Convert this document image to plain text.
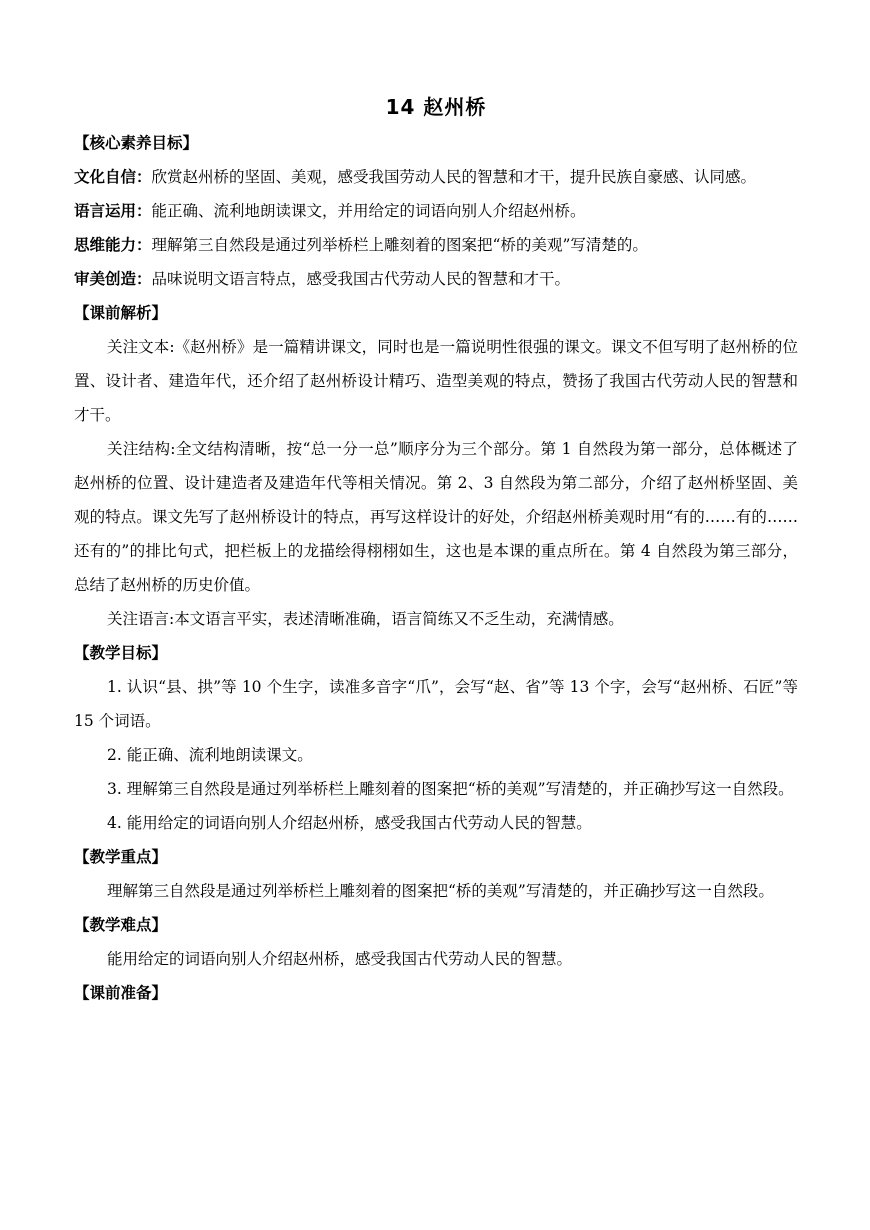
14 赵州桥
【核心素养目标】

文化自信：欣赏赵州桥的坚固、美观，感受我国劳动人民的智慧和才干，提升民族自豪感、认同感。

语言运用：能正确、流利地朗读课文，并用给定的词语向别人介绍赵州桥。

思维能力：理解第三自然段是通过列举桥栏上雕刻着的图案把“桥的美观”写清楚的。

审美创造：品味说明文语言特点，感受我国古代劳动人民的智慧和才干。

【课前解析】

关注文本:《赵州桥》是一篇精讲课文，同时也是一篇说明性很强的课文。课文不但写明了赵州桥的位置、设计者、建造年代，还介绍了赵州桥设计精巧、造型美观的特点，赞扬了我国古代劳动人民的智慧和才干。

关注结构:全文结构清晰，按“总一分一总”顺序分为三个部分。第 1 自然段为第一部分，总体概述了赵州桥的位置、设计建造者及建造年代等相关情况。第 2、3 自然段为第二部分，介绍了赵州桥坚固、美观的特点。课文先写了赵州桥设计的特点，再写这样设计的好处，介绍赵州桥美观时用“有的……有的……还有的”的排比句式，把栏板上的龙描绘得栩栩如生，这也是本课的重点所在。第 4 自然段为第三部分，总结了赵州桥的历史价值。

关注语言:本文语言平实，表述清晰准确，语言简练又不乏生动，充满情感。

【教学目标】

1. 认识“县、拱”等 10 个生字，读准多音字“爪”，会写“赵、省”等 13 个字，会写“赵州桥、石匠”等 15 个词语。

2. 能正确、流利地朗读课文。

3. 理解第三自然段是通过列举桥栏上雕刻着的图案把“桥的美观”写清楚的，并正确抄写这一自然段。

4. 能用给定的词语向别人介绍赵州桥，感受我国古代劳动人民的智慧。

【教学重点】

理解第三自然段是通过列举桥栏上雕刻着的图案把“桥的美观”写清楚的，并正确抄写这一自然段。

【教学难点】

能用给定的词语向别人介绍赵州桥，感受我国古代劳动人民的智慧。

【课前准备】
